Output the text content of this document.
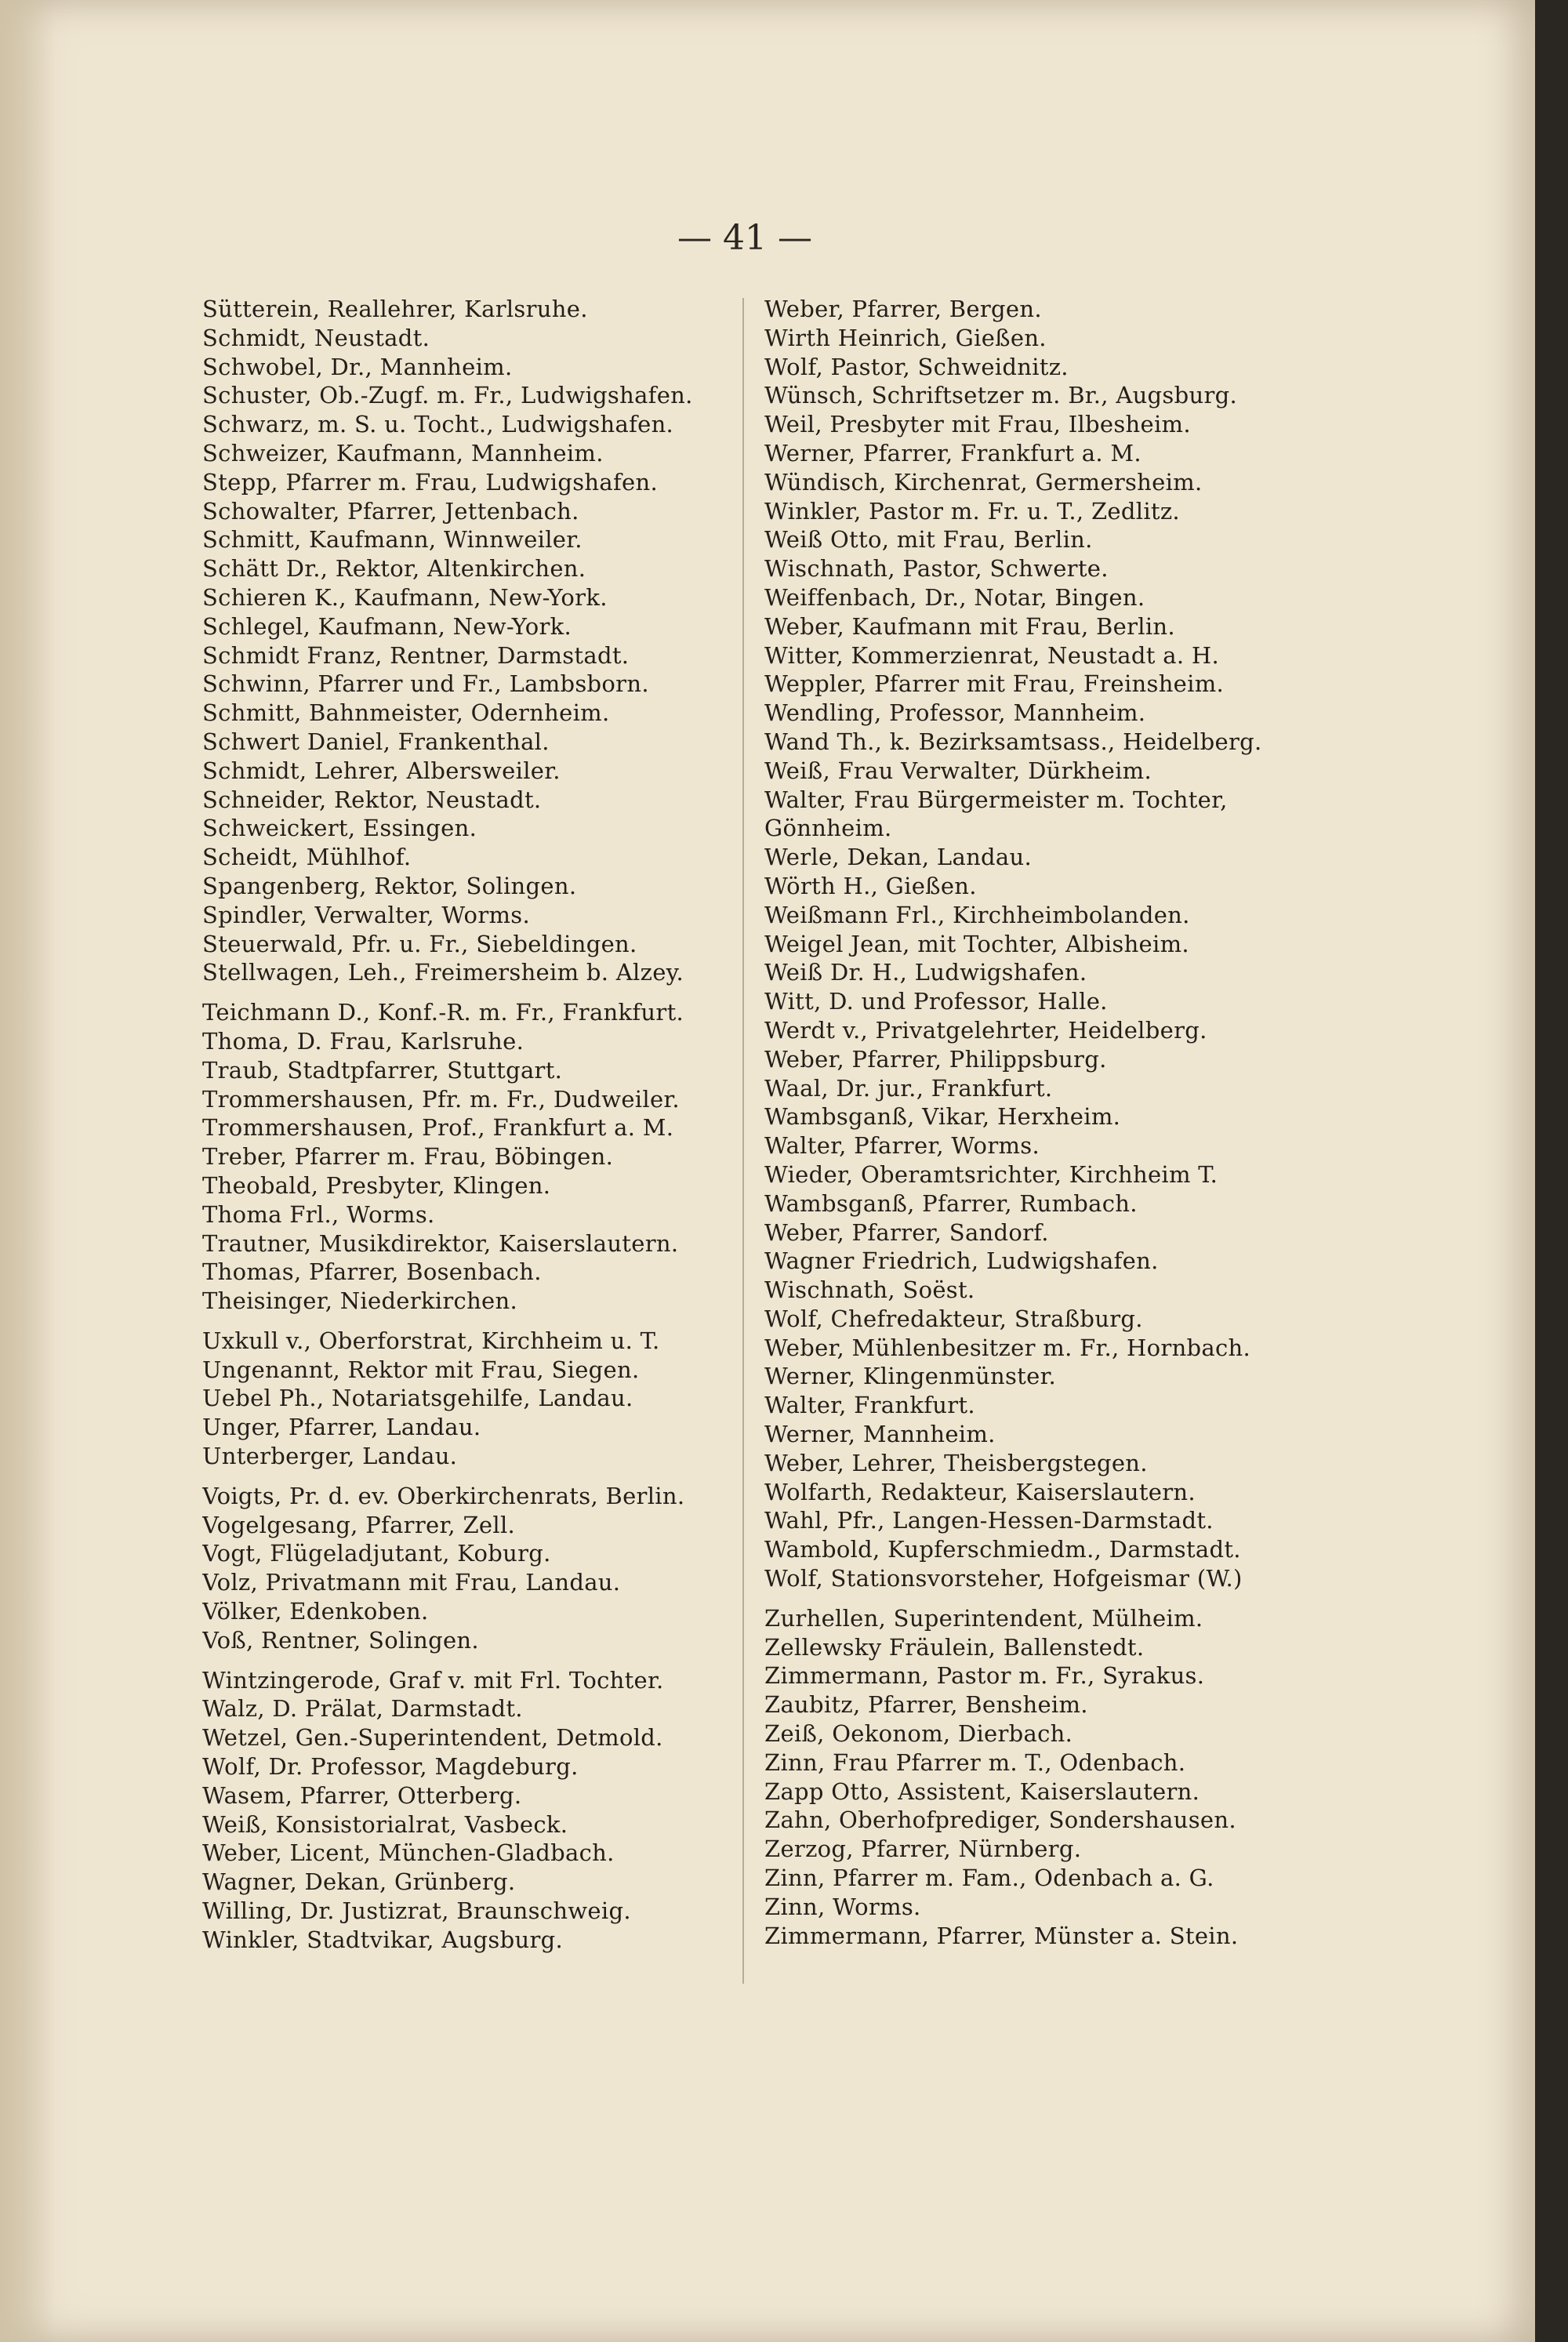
— 41 —
Sütterein, Reallehrer, Karlsruhe.
Schmidt, Neustadt.
Schwobel, Dr., Mannheim.
Schuster, Ob.-Zugf. m. Fr., Ludwigshafen.
Schwarz, m. S. u. Tocht., Ludwigshafen.
Schweizer, Kaufmann, Mannheim.
Stepp, Pfarrer m. Frau, Ludwigshafen.
Schowalter, Pfarrer, Jettenbach.
Schmitt, Kaufmann, Winnweiler.
Schätt Dr., Rektor, Altenkirchen.
Schieren K., Kaufmann, New-York.
Schlegel, Kaufmann, New-York.
Schmidt Franz, Rentner, Darmstadt.
Schwinn, Pfarrer und Fr., Lambsborn.
Schmitt, Bahnmeister, Odernheim.
Schwert Daniel, Frankenthal.
Schmidt, Lehrer, Albersweiler.
Schneider, Rektor, Neustadt.
Schweickert, Essingen.
Scheidt, Mühlhof.
Spangenberg, Rektor, Solingen.
Spindler, Verwalter, Worms.
Steuerwald, Pfr. u. Fr., Siebeldingen.
Stellwagen, Leh., Freimersheim b. Alzey.
Teichmann D., Konf.-R. m. Fr., Frankfurt.
Thoma, D. Frau, Karlsruhe.
Traub, Stadtpfarrer, Stuttgart.
Trommershausen, Pfr. m. Fr., Dudweiler.
Trommershausen, Prof., Frankfurt a. M.
Treber, Pfarrer m. Frau, Böbingen.
Theobald, Presbyter, Klingen.
Thoma Frl., Worms.
Trautner, Musikdirektor, Kaiserslautern.
Thomas, Pfarrer, Bosenbach.
Theisinger, Niederkirchen.
Uxkull v., Oberforstrat, Kirchheim u. T.
Ungenannt, Rektor mit Frau, Siegen.
Uebel Ph., Notariatsgehilfe, Landau.
Unger, Pfarrer, Landau.
Unterberger, Landau.
Voigts, Pr. d. ev. Oberkirchenrats, Berlin.
Vogelgesang, Pfarrer, Zell.
Vogt, Flügeladjutant, Koburg.
Volz, Privatmann mit Frau, Landau.
Völker, Edenkoben.
Voß, Rentner, Solingen.
Wintzingerode, Graf v. mit Frl. Tochter.
Walz, D. Prälat, Darmstadt.
Wetzel, Gen.-Superintendent, Detmold.
Wolf, Dr. Professor, Magdeburg.
Wasem, Pfarrer, Otterberg.
Weiß, Konsistorialrat, Vasbeck.
Weber, Licent, München-Gladbach.
Wagner, Dekan, Grünberg.
Willing, Dr. Justizrat, Braunschweig.
Winkler, Stadtvikar, Augsburg.
Weber, Pfarrer, Bergen.
Wirth Heinrich, Gießen.
Wolf, Pastor, Schweidnitz.
Wünsch, Schriftsetzer m. Br., Augsburg.
Weil, Presbyter mit Frau, Ilbesheim.
Werner, Pfarrer, Frankfurt a. M.
Wündisch, Kirchenrat, Germersheim.
Winkler, Pastor m. Fr. u. T., Zedlitz.
Weiß Otto, mit Frau, Berlin.
Wischnath, Pastor, Schwerte.
Weiffenbach, Dr., Notar, Bingen.
Weber, Kaufmann mit Frau, Berlin.
Witter, Kommerzienrat, Neustadt a. H.
Weppler, Pfarrer mit Frau, Freinsheim.
Wendling, Professor, Mannheim.
Wand Th., k. Bezirksamtsass., Heidelberg.
Weiß, Frau Verwalter, Dürkheim.
Walter, Frau Bürgermeister m. Tochter,
Gönnheim.
Werle, Dekan, Landau.
Wörth H., Gießen.
Weißmann Frl., Kirchheimbolanden.
Weigel Jean, mit Tochter, Albisheim.
Weiß Dr. H., Ludwigshafen.
Witt, D. und Professor, Halle.
Werdt v., Privatgelehrter, Heidelberg.
Weber, Pfarrer, Philippsburg.
Waal, Dr. jur., Frankfurt.
Wambsganß, Vikar, Herxheim.
Walter, Pfarrer, Worms.
Wieder, Oberamtsrichter, Kirchheim T.
Wambsganß, Pfarrer, Rumbach.
Weber, Pfarrer, Sandorf.
Wagner Friedrich, Ludwigshafen.
Wischnath, Soëst.
Wolf, Chefredakteur, Straßburg.
Weber, Mühlenbesitzer m. Fr., Hornbach.
Werner, Klingenmünster.
Walter, Frankfurt.
Werner, Mannheim.
Weber, Lehrer, Theisbergstegen.
Wolfarth, Redakteur, Kaiserslautern.
Wahl, Pfr., Langen-Hessen-Darmstadt.
Wambold, Kupferschmiedm., Darmstadt.
Wolf, Stationsvorsteher, Hofgeismar (W.)
Zurhellen, Superintendent, Mülheim.
Zellewsky Fräulein, Ballenstedt.
Zimmermann, Pastor m. Fr., Syrakus.
Zaubitz, Pfarrer, Bensheim.
Zeiß, Oekonom, Dierbach.
Zinn, Frau Pfarrer m. T., Odenbach.
Zapp Otto, Assistent, Kaiserslautern.
Zahn, Oberhofprediger, Sondershausen.
Zerzog, Pfarrer, Nürnberg.
Zinn, Pfarrer m. Fam., Odenbach a. G.
Zinn, Worms.
Zimmermann, Pfarrer, Münster a. Stein.
